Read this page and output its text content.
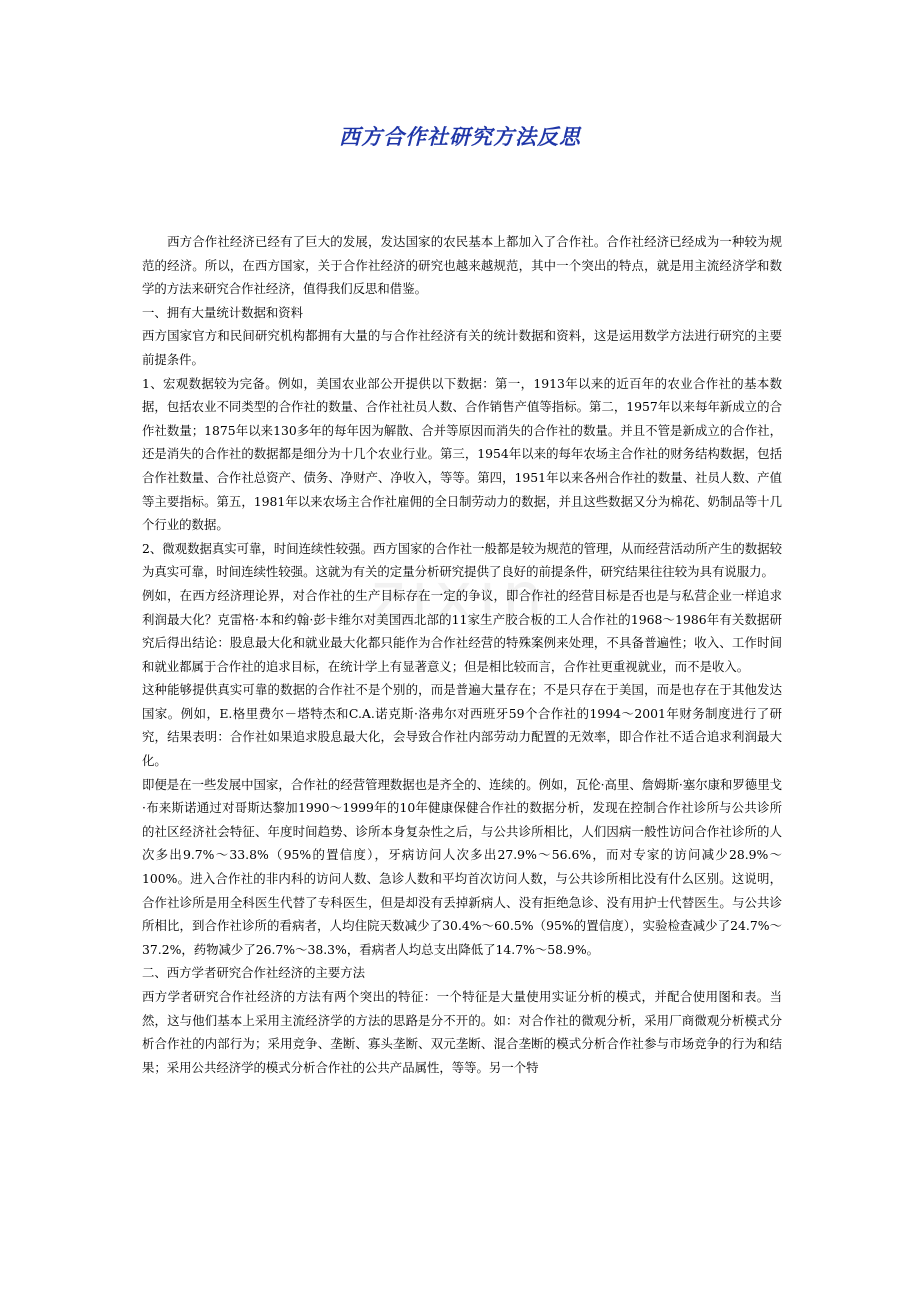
zixin
西方合作社研究方法反思

　　西方合作社经济已经有了巨大的发展，发达国家的农民基本上都加入了合作社。合作社经济已经成为一种较为规范的经济。所以，在西方国家，关于合作社经济的研究也越来越规范，其中一个突出的特点，就是用主流经济学和数学的方法来研究合作社经济，值得我们反思和借鉴。

一、拥有大量统计数据和资料

西方国家官方和民间研究机构都拥有大量的与合作社经济有关的统计数据和资料，这是运用数学方法进行研究的主要前提条件。

1、宏观数据较为完备。例如，美国农业部公开提供以下数据：第一，1913年以来的近百年的农业合作社的基本数据，包括农业不同类型的合作社的数量、合作社社员人数、合作销售产值等指标。第二，1957年以来每年新成立的合作社数量；1875年以来130多年的每年因为解散、合并等原因而消失的合作社的数量。并且不管是新成立的合作社，还是消失的合作社的数据都是细分为十几个农业行业。第三，1954年以来的每年农场主合作社的财务结构数据，包括合作社数量、合作社总资产、债务、净财产、净收入，等等。第四，1951年以来各州合作社的数量、社员人数、产值等主要指标。第五，1981年以来农场主合作社雇佣的全日制劳动力的数据，并且这些数据又分为棉花、奶制品等十几个行业的数据。

2、微观数据真实可靠，时间连续性较强。西方国家的合作社一般都是较为规范的管理，从而经营活动所产生的数据较为真实可靠，时间连续性较强。这就为有关的定量分析研究提供了良好的前提条件，研究结果往往较为具有说服力。

例如，在西方经济理论界，对合作社的生产目标存在一定的争议，即合作社的经营目标是否也是与私营企业一样追求利润最大化？克雷格·本和约翰·彭卡维尔对美国西北部的11家生产胶合板的工人合作社的1968～1986年有关数据研究后得出结论：股息最大化和就业最大化都只能作为合作社经营的特殊案例来处理，不具备普遍性；收入、工作时间和就业都属于合作社的追求目标，在统计学上有显著意义；但是相比较而言，合作社更重视就业，而不是收入。

这种能够提供真实可靠的数据的合作社不是个别的，而是普遍大量存在；不是只存在于美国，而是也存在于其他发达国家。例如，E.格里费尔－塔特杰和C.A.诺克斯·洛弗尔对西班牙59个合作社的1994～2001年财务制度进行了研究，结果表明：合作社如果追求股息最大化，会导致合作社内部劳动力配置的无效率，即合作社不适合追求利润最大化。

即便是在一些发展中国家，合作社的经营管理数据也是齐全的、连续的。例如，瓦伦·高里、詹姆斯·塞尔康和罗德里戈·布来斯诺通过对哥斯达黎加1990～1999年的10年健康保健合作社的数据分析，发现在控制合作社诊所与公共诊所的社区经济社会特征、年度时间趋势、诊所本身复杂性之后，与公共诊所相比，人们因病一般性访问合作社诊所的人次多出9.7%～33.8%（95%的置信度），牙病访问人次多出27.9%～56.6%，而对专家的访问减少28.9%～100%。进入合作社的非内科的访问人数、急诊人数和平均首次访问人数，与公共诊所相比没有什么区别。这说明，合作社诊所是用全科医生代替了专科医生，但是却没有丢掉新病人、没有拒绝急诊、没有用护士代替医生。与公共诊所相比，到合作社诊所的看病者，人均住院天数减少了30.4%～60.5%（95%的置信度），实验检查减少了24.7%～37.2%，药物减少了26.7%～38.3%，看病者人均总支出降低了14.7%～58.9%。

二、西方学者研究合作社经济的主要方法

西方学者研究合作社经济的方法有两个突出的特征：一个特征是大量使用实证分析的模式，并配合使用图和表。当然，这与他们基本上采用主流经济学的方法的思路是分不开的。如：对合作社的微观分析，采用厂商微观分析模式分析合作社的内部行为；采用竞争、垄断、寡头垄断、双元垄断、混合垄断的模式分析合作社参与市场竞争的行为和结果；采用公共经济学的模式分析合作社的公共产品属性，等等。另一个特
